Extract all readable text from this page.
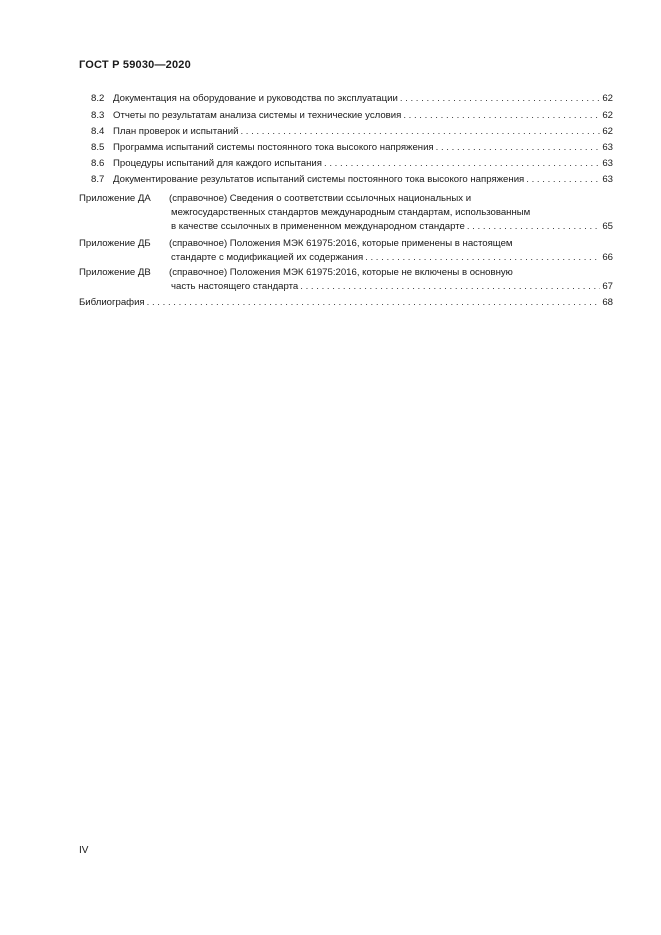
ГОСТ Р 59030—2020
8.2 Документация на оборудование и руководства по эксплуатации . . .	62
8.3 Отчеты по результатам анализа системы и технические условия . . .	62
8.4 План проверок и испытаний . . .	62
8.5 Программа испытаний системы постоянного тока высокого напряжения . . .	63
8.6 Процедуры испытаний для каждого испытания . . .	63
8.7 Документирование результатов испытаний системы постоянного тока высокого напряжения . . .	63
Приложение ДА	(справочное) Сведения о соответствии ссылочных национальных и
межгосударственных стандартов международным стандартам, использованным
в качестве ссылочных в примененном международном стандарте . . .	65
Приложение ДБ	(справочное) Положения МЭК 61975:2016, которые применены в настоящем
стандарте с модификацией их содержания . . .	66
Приложение ДВ	(справочное) Положения МЭК 61975:2016, которые не включены в основную
часть настоящего стандарта . . .	67
Библиография . . .	68
IV
